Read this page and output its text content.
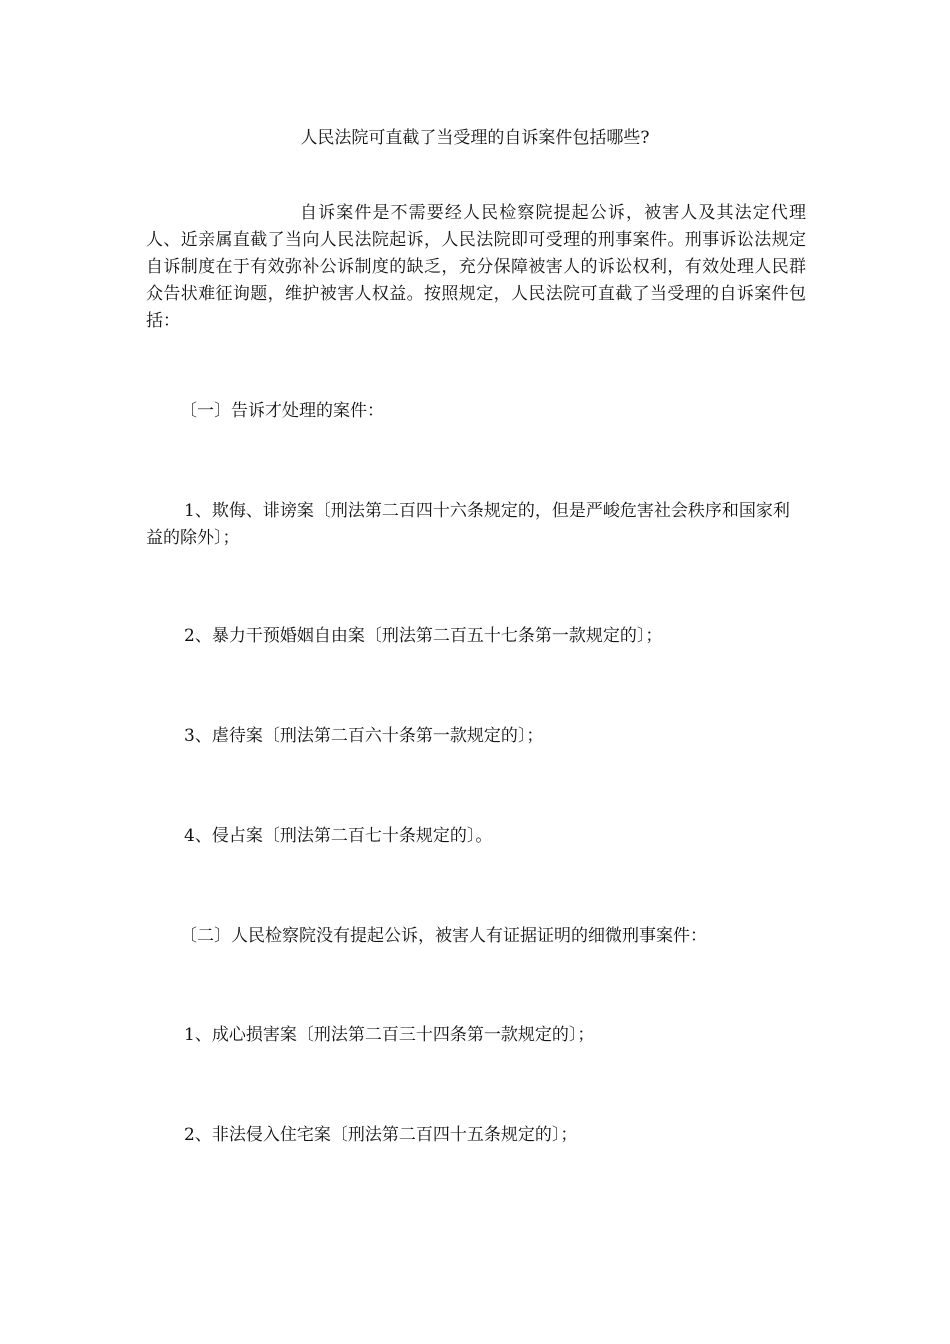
人民法院可直截了当受理的自诉案件包括哪些?
自诉案件是不需要经人民检察院提起公诉，被害人及其法定代理人、近亲属直截了当向人民法院起诉，人民法院即可受理的刑事案件。刑事诉讼法规定自诉制度在于有效弥补公诉制度的缺乏，充分保障被害人的诉讼权利，有效处理人民群众告状难征询题，维护被害人权益。按照规定，人民法院可直截了当受理的自诉案件包括：
〔一〕告诉才处理的案件：
1、欺侮、诽谤案〔刑法第二百四十六条规定的，但是严峻危害社会秩序和国家利益的除外〕；
2、暴力干预婚姻自由案〔刑法第二百五十七条第一款规定的〕；
3、虐待案〔刑法第二百六十条第一款规定的〕；
4、侵占案〔刑法第二百七十条规定的〕。
〔二〕人民检察院没有提起公诉，被害人有证据证明的细微刑事案件：
1、成心损害案〔刑法第二百三十四条第一款规定的〕；
2、非法侵入住宅案〔刑法第二百四十五条规定的〕；
